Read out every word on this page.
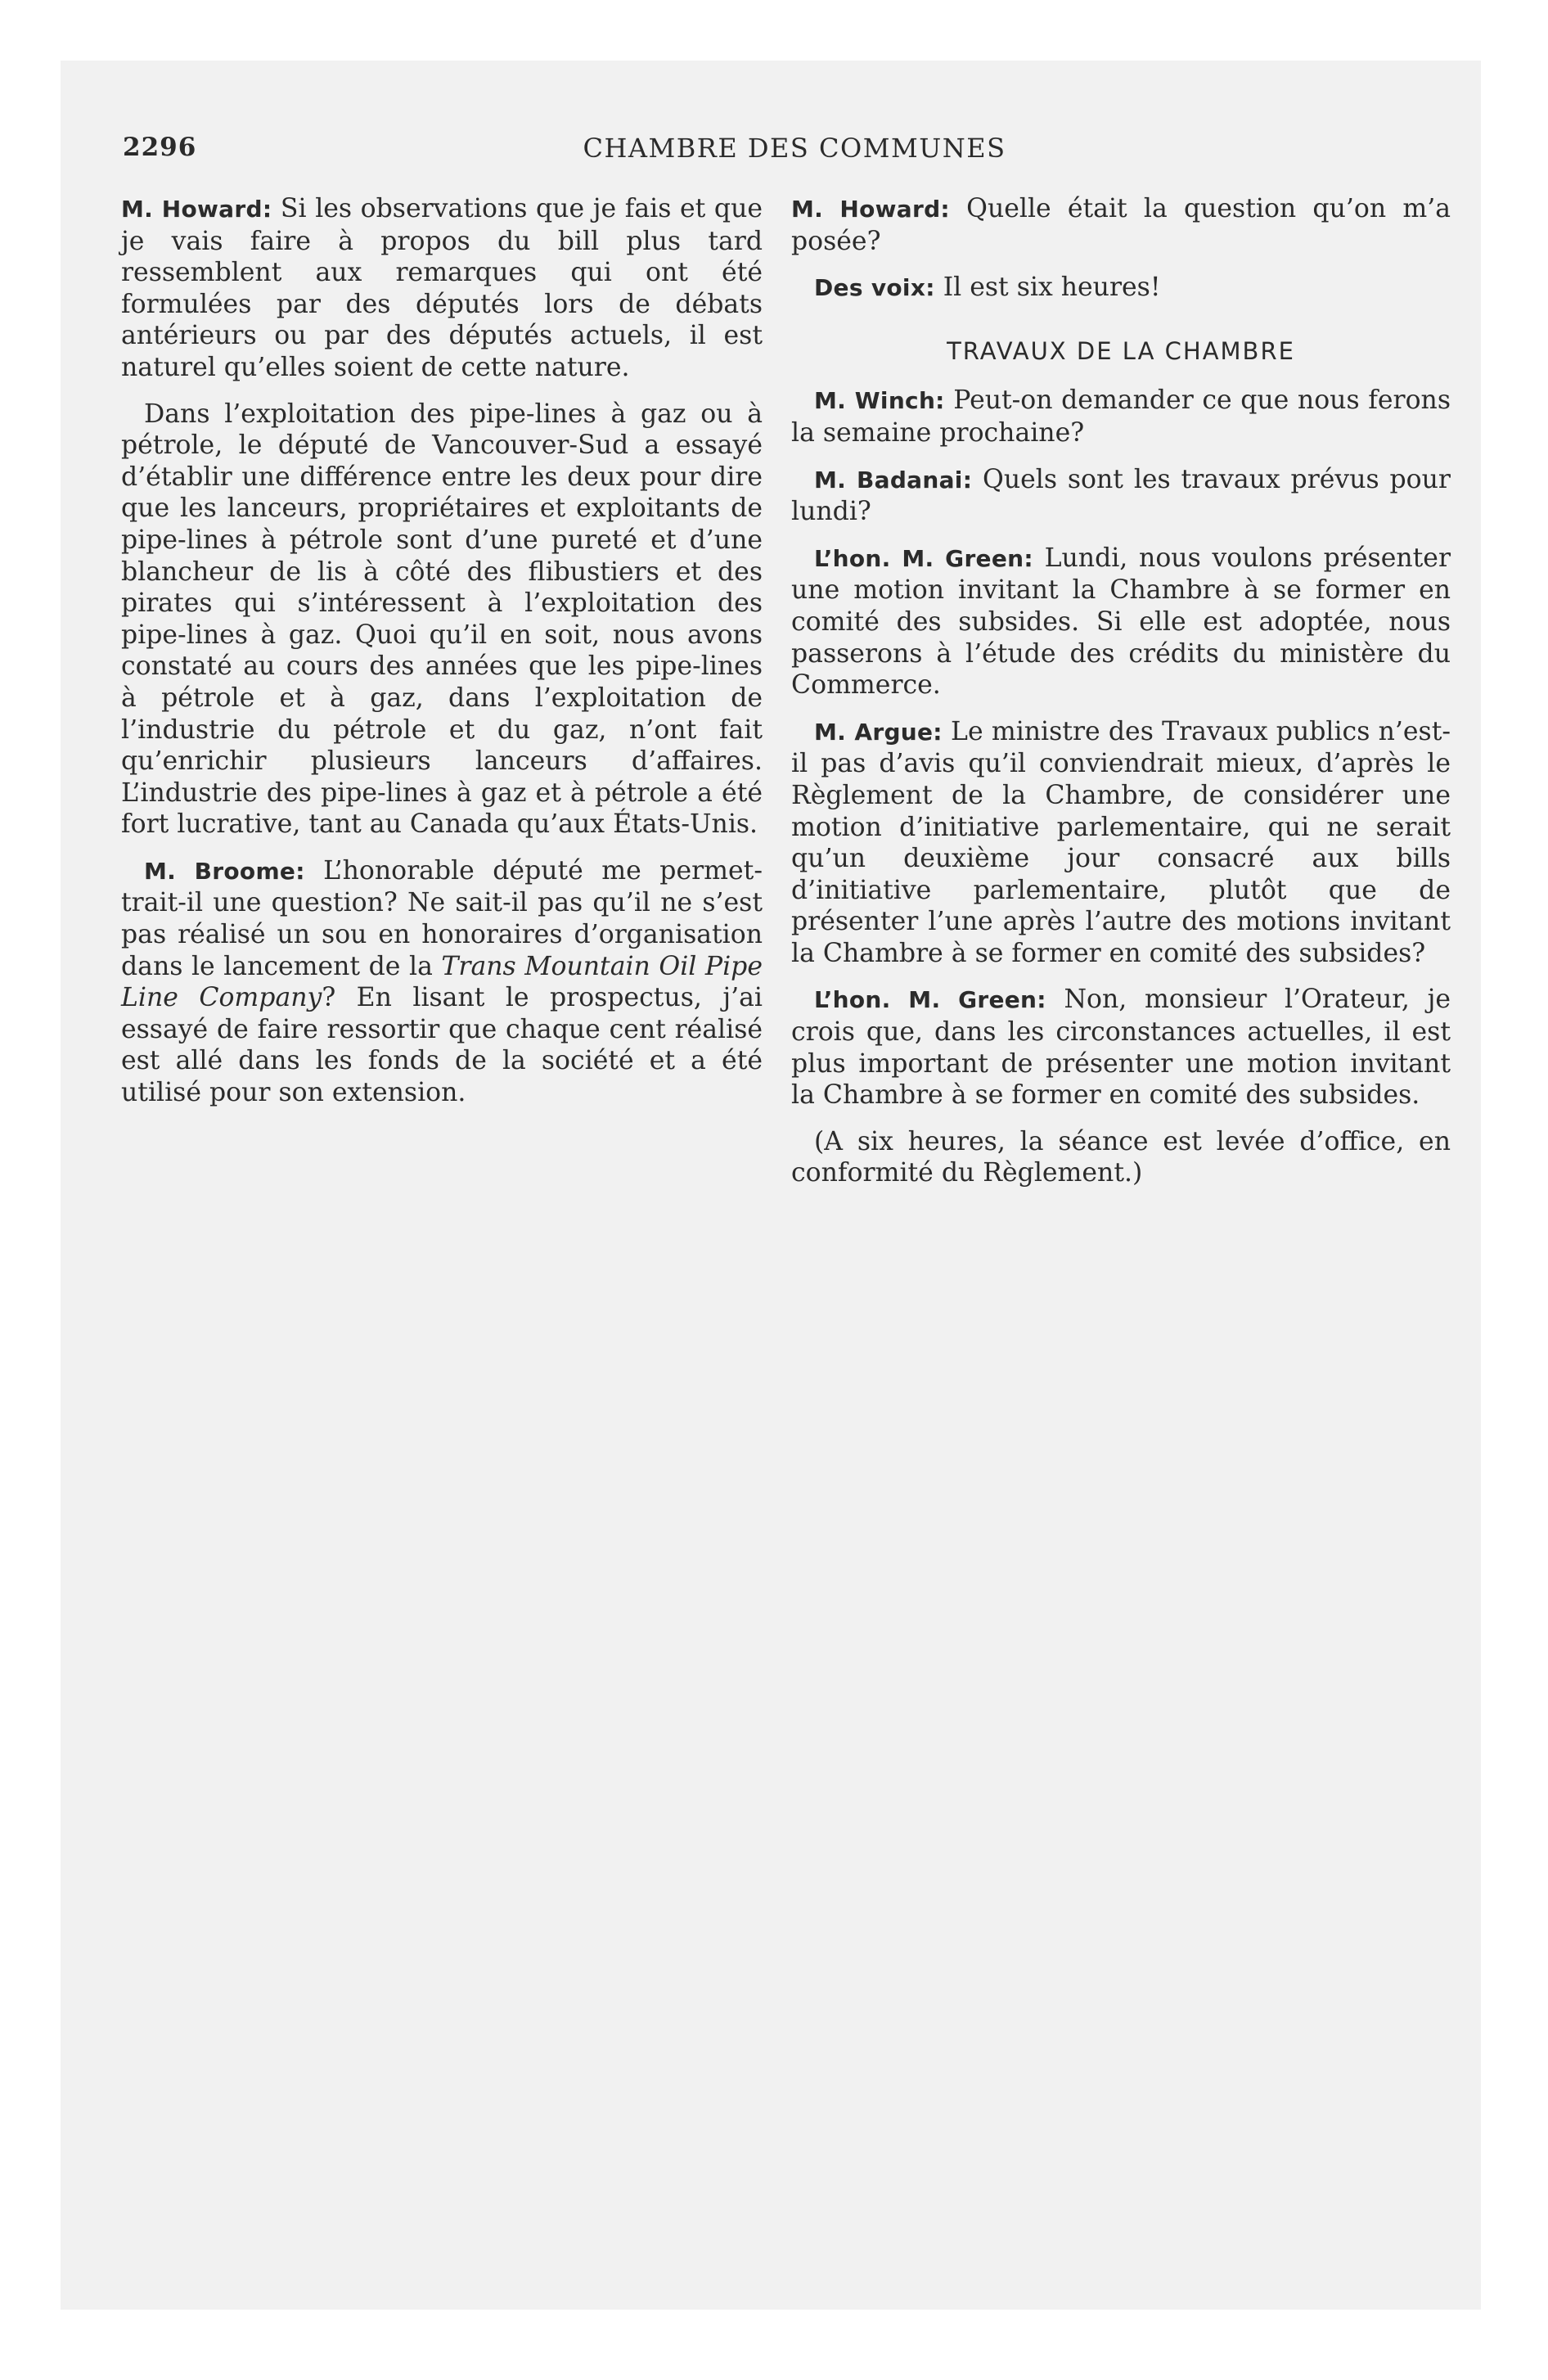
2296	CHAMBRE DES COMMUNES

M. Howard: Si les observations que je fais et que je vais faire à propos du bill plus tard ressemblent aux remarques qui ont été formulées par des députés lors de débats antérieurs ou par des députés actuels, il est naturel qu’elles soient de cette nature.

Dans l’exploitation des pipe-lines à gaz ou à pétrole, le député de Vancouver-Sud a essayé d’établir une différence entre les deux pour dire que les lanceurs, propriétaires et exploitants de pipe-lines à pétrole sont d’une pureté et d’une blancheur de lis à côté des flibustiers et des pirates qui s’intéressent à l’exploitation des pipe-lines à gaz. Quoi qu’il en soit, nous avons constaté au cours des années que les pipe-lines à pétrole et à gaz, dans l’exploitation de l’industrie du pétrole et du gaz, n’ont fait qu’enrichir plusieurs lanceurs d’affaires. L’industrie des pipe-lines à gaz et à pétrole a été fort lucrative, tant au Canada qu’aux États-Unis.

M. Broome: L’honorable député me permettrait-il une question? Ne sait-il pas qu’il ne s’est pas réalisé un sou en honoraires d’organisation dans le lancement de la Trans Mountain Oil Pipe Line Company? En lisant le prospectus, j’ai essayé de faire ressortir que chaque cent réalisé est allé dans les fonds de la société et a été utilisé pour son extension.

M. Howard: Quelle était la question qu’on m’a posée?

Des voix: Il est six heures!

TRAVAUX DE LA CHAMBRE

M. Winch: Peut-on demander ce que nous ferons la semaine prochaine?

M. Badanai: Quels sont les travaux prévus pour lundi?

L’hon. M. Green: Lundi, nous voulons présenter une motion invitant la Chambre à se former en comité des subsides. Si elle est adoptée, nous passerons à l’étude des crédits du ministère du Commerce.

M. Argue: Le ministre des Travaux publics n’est-il pas d’avis qu’il conviendrait mieux, d’après le Règlement de la Chambre, de considérer une motion d’initiative parlementaire, qui ne serait qu’un deuxième jour consacré aux bills d’initiative parlementaire, plutôt que de présenter l’une après l’autre des motions invitant la Chambre à se former en comité des subsides?

L’hon. M. Green: Non, monsieur l’Orateur, je crois que, dans les circonstances actuelles, il est plus important de présenter une motion invitant la Chambre à se former en comité des subsides.

(A six heures, la séance est levée d’office, en conformité du Règlement.)
